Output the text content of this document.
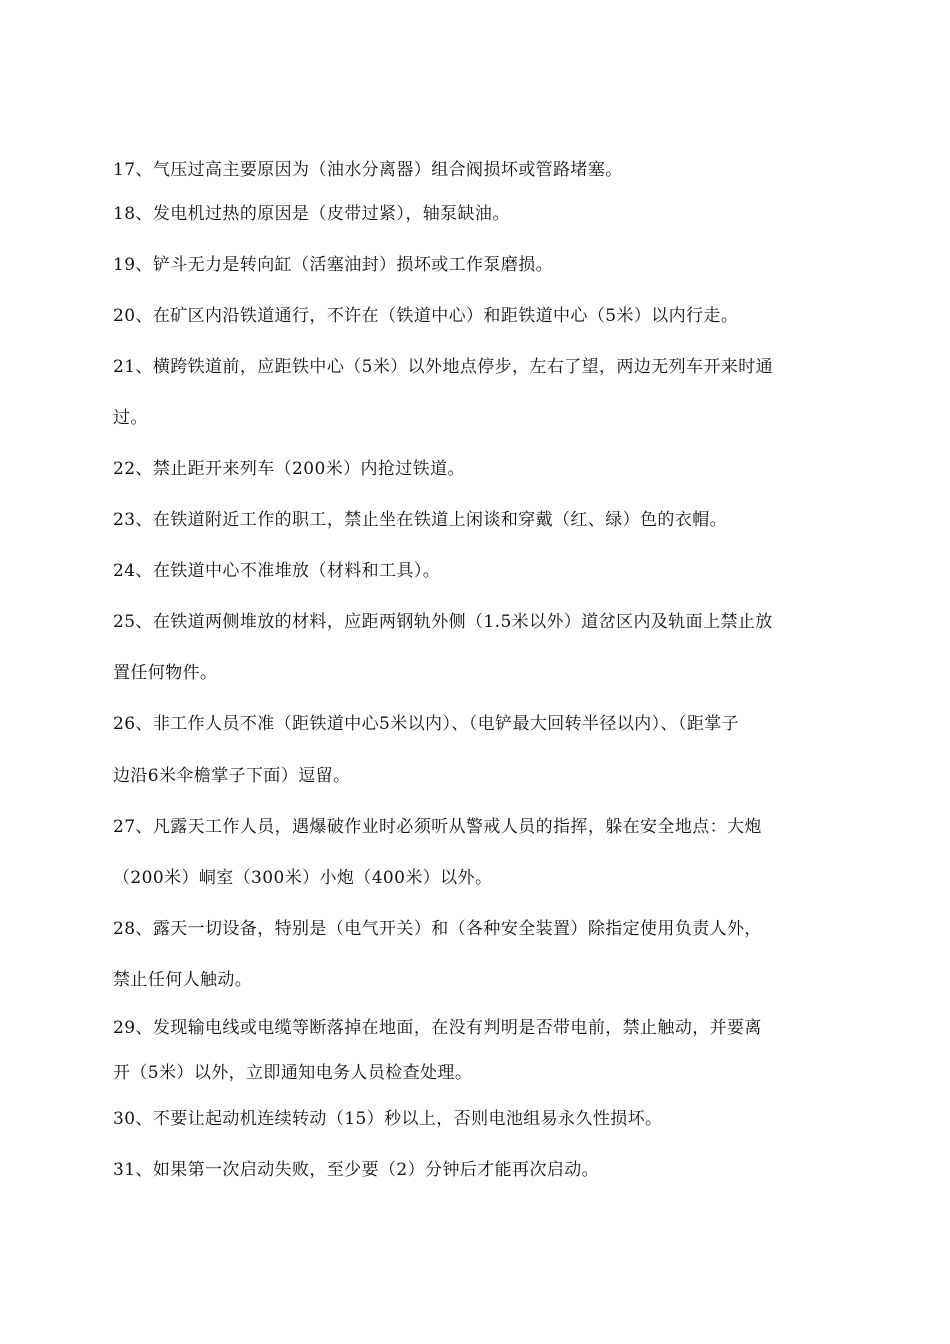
17、气压过高主要原因为（油水分离器）组合阀损坏或管路堵塞。
18、发电机过热的原因是（皮带过紧），轴泵缺油。
19、铲斗无力是转向缸（活塞油封）损坏或工作泵磨损。
20、在矿区内沿铁道通行，不许在（铁道中心）和距铁道中心（5米）以内行走。
21、横跨铁道前，应距铁中心（5米）以外地点停步，左右了望，两边无列车开来时通
过。
22、禁止距开来列车（200米）内抢过铁道。
23、在铁道附近工作的职工，禁止坐在铁道上闲谈和穿戴（红、绿）色的衣帽。
24、在铁道中心不准堆放（材料和工具）。
25、在铁道两侧堆放的材料，应距两钢轨外侧（1.5米以外）道岔区内及轨面上禁止放
置任何物件。
26、非工作人员不准（距铁道中心5米以内）、（电铲最大回转半径以内）、（距掌子
边沿6米伞檐掌子下面）逗留。
27、凡露天工作人员，遇爆破作业时必须听从警戒人员的指挥，躲在安全地点：大炮
（200米）峒室（300米）小炮（400米）以外。
28、露天一切设备，特别是（电气开关）和（各种安全装置）除指定使用负责人外，
禁止任何人触动。
29、发现输电线或电缆等断落掉在地面，在没有判明是否带电前，禁止触动，并要离
开（5米）以外，立即通知电务人员检查处理。
30、不要让起动机连续转动（15）秒以上，否则电池组易永久性损坏。
31、如果第一次启动失败，至少要（2）分钟后才能再次启动。
